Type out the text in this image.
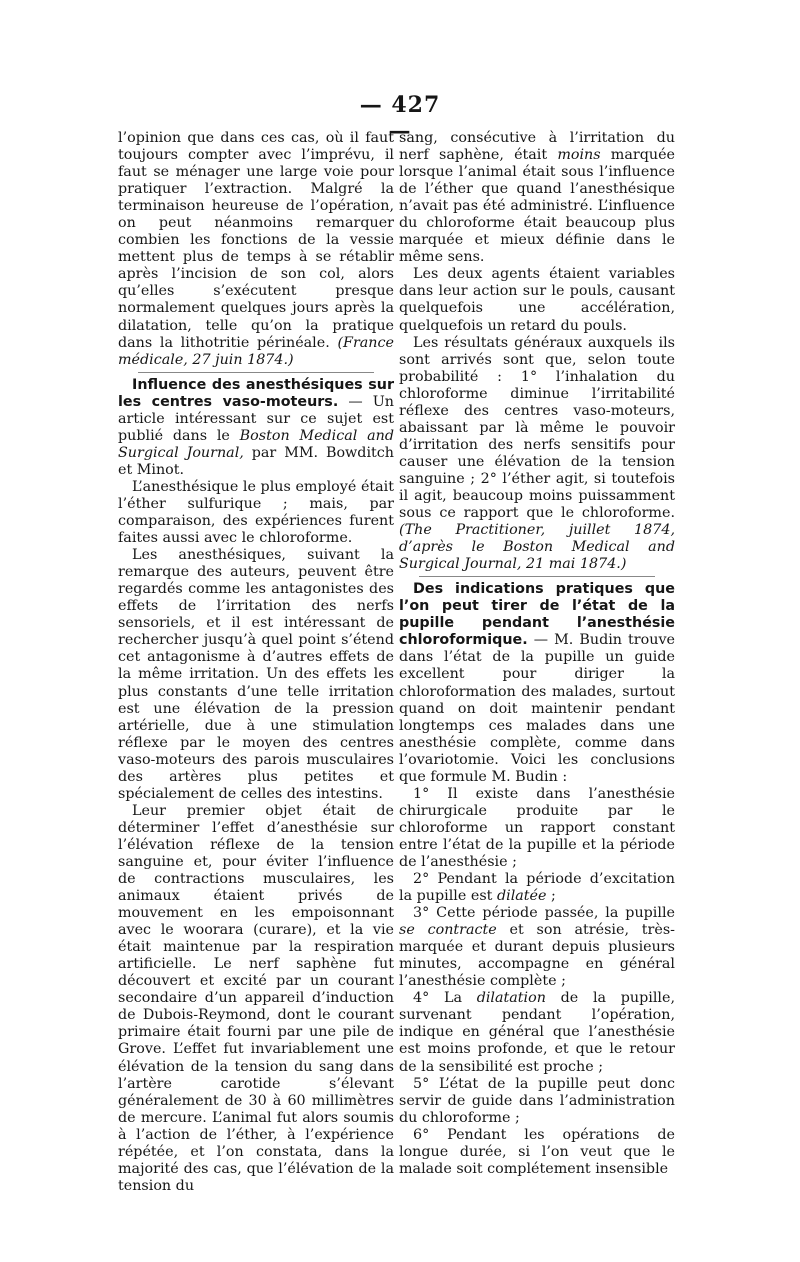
— 427 —

l’opinion que dans ces cas, où il faut toujours compter avec l’imprévu, il faut se ménager une large voie pour pratiquer l’extraction. Malgré la terminaison heureuse de l’opération, on peut néanmoins remarquer combien les fonctions de la vessie mettent plus de temps à se rétablir après l’incision de son col, alors qu’elles s’exécutent presque normalement quelques jours après la dilatation, telle qu’on la pratique dans la lithotritie périnéale. (France médicale, 27 juin 1874.)

Influence des anesthésiques sur les centres vaso-moteurs. — Un article intéressant sur ce sujet est publié dans le Boston Medical and Surgical Journal, par MM. Bowditch et Minot.

L’anesthésique le plus employé était l’éther sulfurique ; mais, par comparaison, des expériences furent faites aussi avec le chloroforme.

Les anesthésiques, suivant la remarque des auteurs, peuvent être regardés comme les antagonistes des effets de l’irritation des nerfs sensoriels, et il est intéressant de rechercher jusqu’à quel point s’étend cet antagonisme à d’autres effets de la même irritation. Un des effets les plus constants d’une telle irritation est une élévation de la pression artérielle, due à une stimulation réflexe par le moyen des centres vaso-moteurs des parois musculaires des artères plus petites et spécialement de celles des intestins.

Leur premier objet était de déterminer l’effet d’anesthésie sur l’élévation réflexe de la tension sanguine et, pour éviter l’influence de contractions musculaires, les animaux étaient privés de mouvement en les empoisonnant avec le woorara (curare), et la vie était maintenue par la respiration artificielle. Le nerf saphène fut découvert et excité par un courant secondaire d’un appareil d’induction de Dubois-Reymond, dont le courant primaire était fourni par une pile de Grove. L’effet fut invariablement une élévation de la tension du sang dans l’artère carotide s’élevant généralement de 30 à 60 millimètres de mercure. L’animal fut alors soumis à l’action de l’éther, à l’expérience répétée, et l’on constata, dans la majorité des cas, que l’élévation de la tension du

sang, consécutive à l’irritation du nerf saphène, était moins marquée lorsque l’animal était sous l’influence de l’éther que quand l’anesthésique n’avait pas été administré. L’influence du chloroforme était beaucoup plus marquée et mieux définie dans le même sens.

Les deux agents étaient variables dans leur action sur le pouls, causant quelquefois une accélération, quelquefois un retard du pouls.

Les résultats généraux auxquels ils sont arrivés sont que, selon toute probabilité : 1° l’inhalation du chloroforme diminue l’irritabilité réflexe des centres vaso-moteurs, abaissant par là même le pouvoir d’irritation des nerfs sensitifs pour causer une élévation de la tension sanguine ; 2° l’éther agit, si toutefois il agit, beaucoup moins puissamment sous ce rapport que le chloroforme. (The Practitioner, juillet 1874, d’après le Boston Medical and Surgical Journal, 21 mai 1874.)

Des indications pratiques que l’on peut tirer de l’état de la pupille pendant l’anesthésie chloroformique. — M. Budin trouve dans l’état de la pupille un guide excellent pour diriger la chloroformation des malades, surtout quand on doit maintenir pendant longtemps ces malades dans une anesthésie complète, comme dans l’ovariotomie. Voici les conclusions que formule M. Budin :

1° Il existe dans l’anesthésie chirurgicale produite par le chloroforme un rapport constant entre l’état de la pupille et la période de l’anesthésie ;

2° Pendant la période d’excitation la pupille est dilatée ;

3° Cette période passée, la pupille se contracte et son atrésie, très-marquée et durant depuis plusieurs minutes, accompagne en général l’anesthésie complète ;

4° La dilatation de la pupille, survenant pendant l’opération, indique en général que l’anesthésie est moins profonde, et que le retour de la sensibilité est proche ;

5° L’état de la pupille peut donc servir de guide dans l’administration du chloroforme ;

6° Pendant les opérations de longue durée, si l’on veut que le malade soit complétement insensible
